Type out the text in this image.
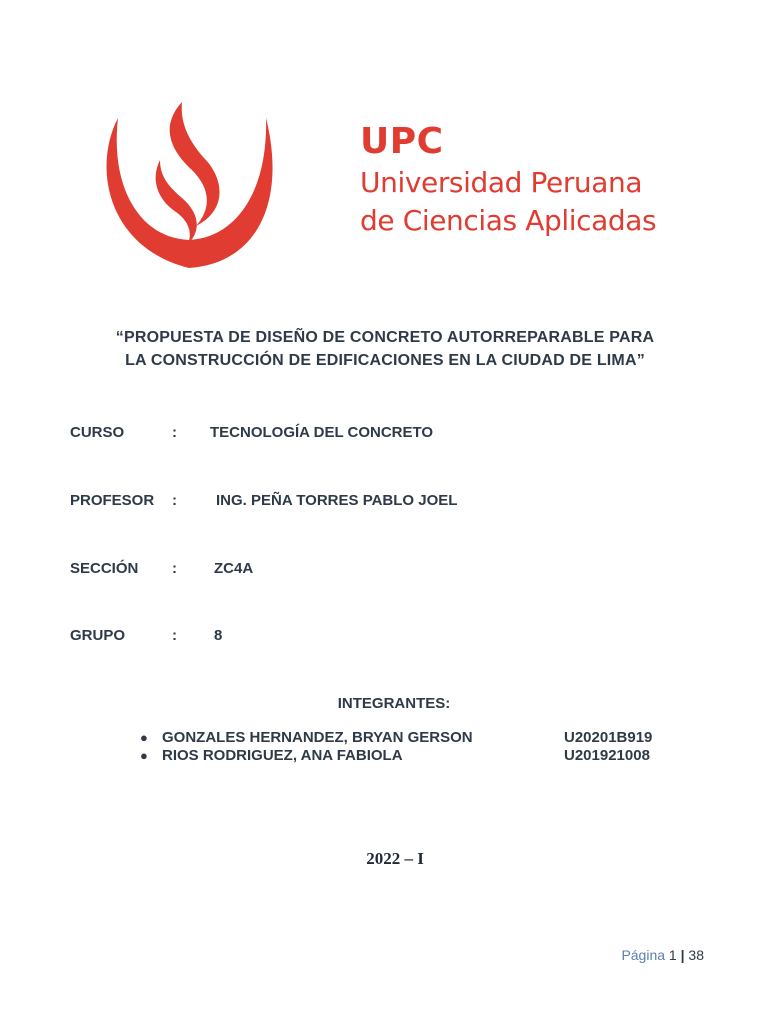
UPC
Universidad Peruana
de Ciencias Aplicadas
“PROPUESTA DE DISEÑO DE CONCRETO AUTORREPARABLE PARA
LA CONSTRUCCIÓN DE EDIFICACIONES EN LA CIUDAD DE LIMA”
CURSO	: TECNOLOGÍA DEL CONCRETO
PROFESOR :	ING. PEÑA TORRES PABLO JOEL
SECCIÓN : ZC4A
GRUPO	: 8
INTEGRANTES:
● GONZALES HERNANDEZ, BRYAN GERSON	U20201B919
● RIOS RODRIGUEZ, ANA FABIOLA	U201921008
2022 – I
Página 1 | 38
